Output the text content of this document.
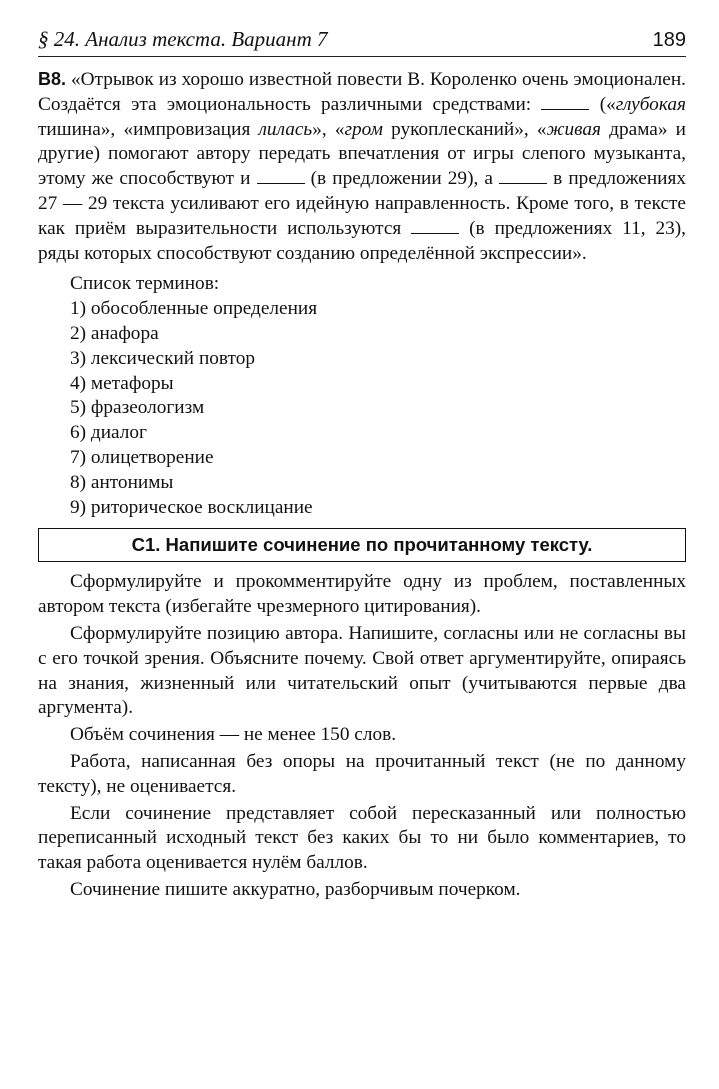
§ 24. Анализ текста. Вариант 7	189
В8. «Отрывок из хорошо известной повести В. Короленко очень эмоционален. Создаётся эта эмоциональность различными средствами:  («глубокая тишина», «импровизация лилась», «гром рукоплесканий», «живая драма» и другие) помогают автору передать впечатления от игры слепого музыканта, этому же способствуют и  (в предложении 29), а  в предложениях 27 — 29 текста усиливают его идейную направленность. Кроме того, в тексте как приём выразительности используются  (в предложениях 11, 23), ряды которых способствуют созданию определённой экспрессии».
Список терминов:
1) обособленные определения
2) анафора
3) лексический повтор
4) метафоры
5) фразеологизм
6) диалог
7) олицетворение
8) антонимы
9) риторическое восклицание
С1. Напишите сочинение по прочитанному тексту.

Сформулируйте и прокомментируйте одну из проблем, поставленных автором текста (избегайте чрезмерного цитирования).

Сформулируйте позицию автора. Напишите, согласны или не согласны вы с его точкой зрения. Объясните почему. Свой ответ аргументируйте, опираясь на знания, жизненный или читательский опыт (учитываются первые два аргумента).

Объём сочинения — не менее 150 слов.

Работа, написанная без опоры на прочитанный текст (не по данному тексту), не оценивается.

Если сочинение представляет собой пересказанный или полностью переписанный исходный текст без каких бы то ни было комментариев, то такая работа оценивается нулём баллов.

Сочинение пишите аккуратно, разборчивым почерком.
